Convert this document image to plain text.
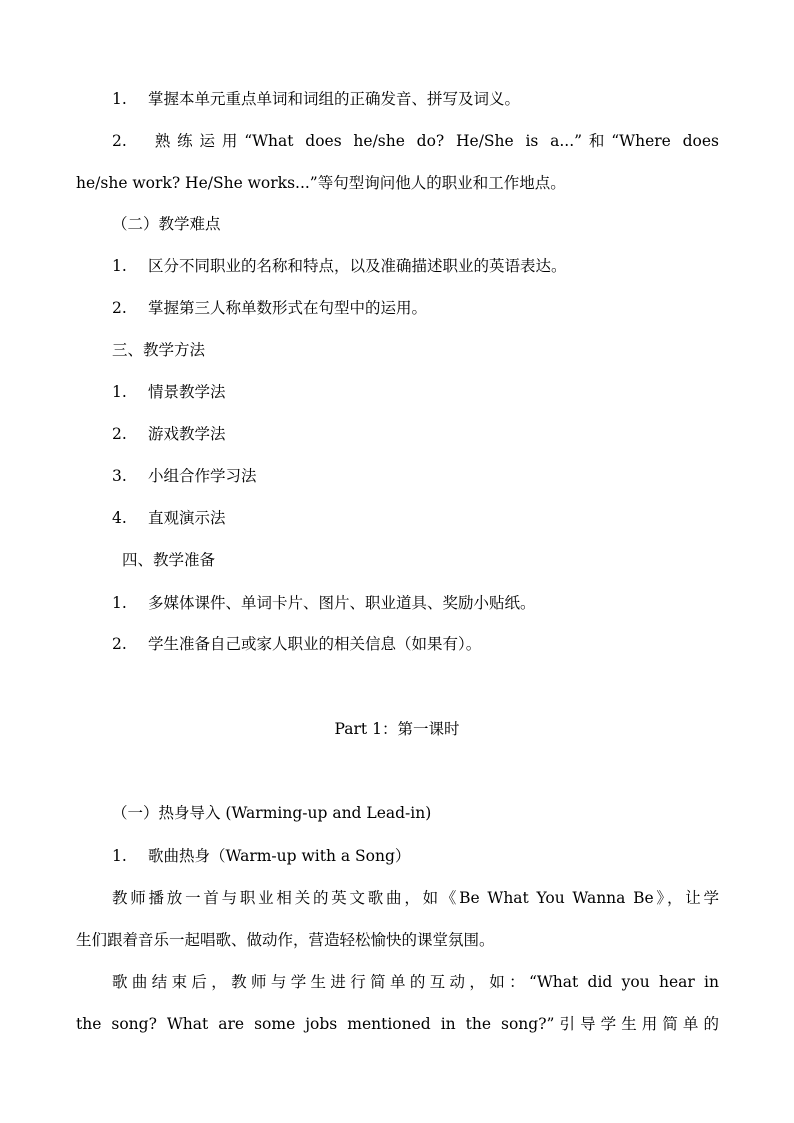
1. 掌握本单元重点单词和词组的正确发音、拼写及词义。
2. 熟练运用“What does he/she do? He/She is a...”和“Where does
he/she work? He/She works...”等句型询问他人的职业和工作地点。
（二）教学难点
1. 区分不同职业的名称和特点，以及准确描述职业的英语表达。
2. 掌握第三人称单数形式在句型中的运用。
三、教学方法
1. 情景教学法
2. 游戏教学法
3. 小组合作学习法
4. 直观演示法
四、教学准备
1. 多媒体课件、单词卡片、图片、职业道具、奖励小贴纸。
2. 学生准备自己或家人职业的相关信息（如果有）。
Part 1：第一课时
（一）热身导入 (Warming-up and Lead-in)
1. 歌曲热身（Warm-up with a Song）
教师播放一首与职业相关的英文歌曲，如《Be What You Wanna Be》，让学
生们跟着音乐一起唱歌、做动作，营造轻松愉快的课堂氛围。
歌曲结束后，教师与学生进行简单的互动，如：“What did you hear in
the song? What are some jobs mentioned in the song?”引导学生用简单的
